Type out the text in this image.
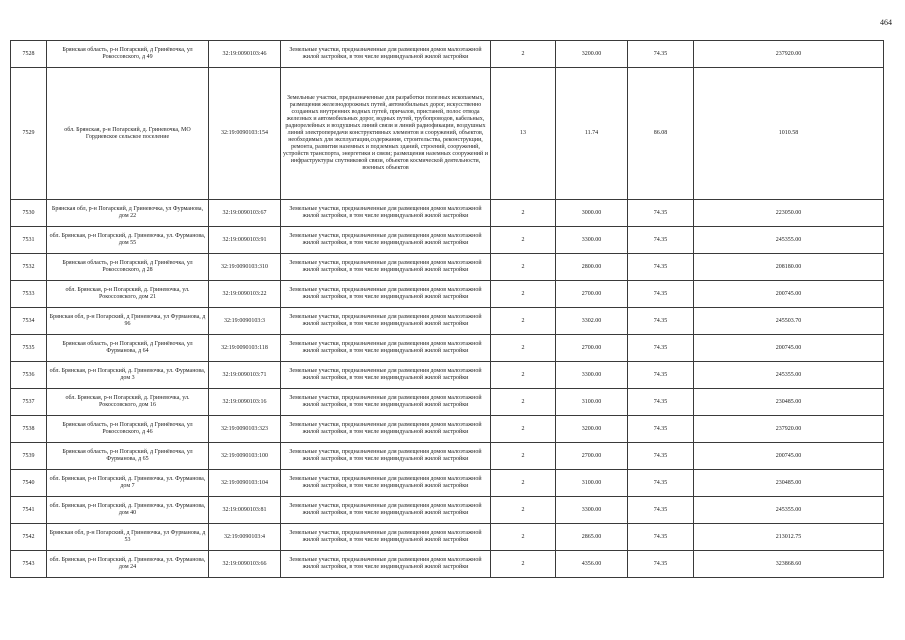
464
7528	Брянская область, р-н Погарский, д Гринёвочка, ул Рокоссовского, д 49	32:19:0090103:46	Земельные участки, предназначенные для размещения домов малоэтажной жилой застройки, в том числе индивидуальной жилой застройки	2	3200.00	74.35	237920.00
7529	обл. Брянская, р-н Погарский, д. Гриневочка, МО Гордиевское сельское поселение	32:19:0090103:154	Земельные участки, предназначенные для разработки полезных ископаемых, размещения железнодорожных путей, автомобильных дорог, искусственно созданных внутренних водных путей, причалов, пристаней, полос отвода железных и автомобильных дорог, водных путей, трубопроводов, кабельных, радиорелейных и воздушных линий связи и линий радиофикации, воздушных линий электропередачи конструктивных элементов и сооружений, объектов, необходимых для эксплуатации,содержания, строительства, реконструкции, ремонта, развития наземных и подземных зданий, строений, сооружений, устройств транспорта, энергетики и связи; размещения наземных сооружений и инфраструктуры спутниковой связи, объектов космической деятельности, военных объектов	13	11.74	86.08	1010.58
7530	Брянская обл, р-н Погарский, д Гриневочка, ул Фурманова, дом 22	32:19:0090103:67	Земельные участки, предназначенные для размещения домов малоэтажной жилой застройки, в том числе индивидуальной жилой застройки	2	3000.00	74.35	223050.00
7531	обл. Брянская, р-н Погарский, д. Гриневочка, ул. Фурманова, дом 55	32:19:0090103:91	Земельные участки, предназначенные для размещения домов малоэтажной жилой застройки, в том числе индивидуальной жилой застройки	2	3300.00	74.35	245355.00
7532	Брянская область, р-н Погарский, д Гринёвочка, ул Рокоссовского, д 28	32:19:0090103:310	Земельные участки, предназначенные для размещения домов малоэтажной жилой застройки, в том числе индивидуальной жилой застройки	2	2800.00	74.35	208180.00
7533	обл. Брянская, р-н Погарский, д. Гриневочка, ул. Рокоссовского, дом 21	32:19:0090103:22	Земельные участки, предназначенные для размещения домов малоэтажной жилой застройки, в том числе индивидуальной жилой застройки	2	2700.00	74.35	200745.00
7534	Брянская обл, р-н Погарский, д Гриневочка, ул Фурманова, д 96	32:19:0090103:3	Земельные участки, предназначенные для размещения домов малоэтажной жилой застройки, в том числе индивидуальной жилой застройки	2	3302.00	74.35	245503.70
7535	Брянская область, р-н Погарский, д Гринёвочка, ул Фурманова, д 64	32:19:0090103:118	Земельные участки, предназначенные для размещения домов малоэтажной жилой застройки, в том числе индивидуальной жилой застройки	2	2700.00	74.35	200745.00
7536	обл. Брянская, р-н Погарский, д. Гриневочка, ул. Фурманова, дом 3	32:19:0090103:71	Земельные участки, предназначенные для размещения домов малоэтажной жилой застройки, в том числе индивидуальной жилой застройки	2	3300.00	74.35	245355.00
7537	обл. Брянская, р-н Погарский, д. Гриневочка, ул. Рокоссовского, дом 16	32:19:0090103:16	Земельные участки, предназначенные для размещения домов малоэтажной жилой застройки, в том числе индивидуальной жилой застройки	2	3100.00	74.35	230485.00
7538	Брянская область, р-н Погарский, д Гринёвочка, ул Рокоссовского, д 46	32:19:0090103:323	Земельные участки, предназначенные для размещения домов малоэтажной жилой застройки, в том числе индивидуальной жилой застройки	2	3200.00	74.35	237920.00
7539	Брянская область, р-н Погарский, д Гринёвочка, ул Фурманова, д 65	32:19:0090103:100	Земельные участки, предназначенные для размещения домов малоэтажной жилой застройки, в том числе индивидуальной жилой застройки	2	2700.00	74.35	200745.00
7540	обл. Брянская, р-н Погарский, д. Гриневочка, ул. Фурманова, дом 7	32:19:0090103:104	Земельные участки, предназначенные для размещения домов малоэтажной жилой застройки, в том числе индивидуальной жилой застройки	2	3100.00	74.35	230485.00
7541	обл. Брянская, р-н Погарский, д. Гриневочка, ул. Фурманова, дом 40	32:19:0090103:81	Земельные участки, предназначенные для размещения домов малоэтажной жилой застройки, в том числе индивидуальной жилой застройки	2	3300.00	74.35	245355.00
7542	Брянская обл, р-н Погарский, д Гриневочка, ул Фурманова, д 53	32:19:0090103:4	Земельные участки, предназначенные для размещения домов малоэтажной жилой застройки, в том числе индивидуальной жилой застройки	2	2865.00	74.35	213012.75
7543	обл. Брянская, р-н Погарский, д. Гриневочка, ул. Фурманова, дом 24	32:19:0090103:66	Земельные участки, предназначенные для размещения домов малоэтажной жилой застройки, в том числе индивидуальной жилой застройки	2	4356.00	74.35	323868.60
